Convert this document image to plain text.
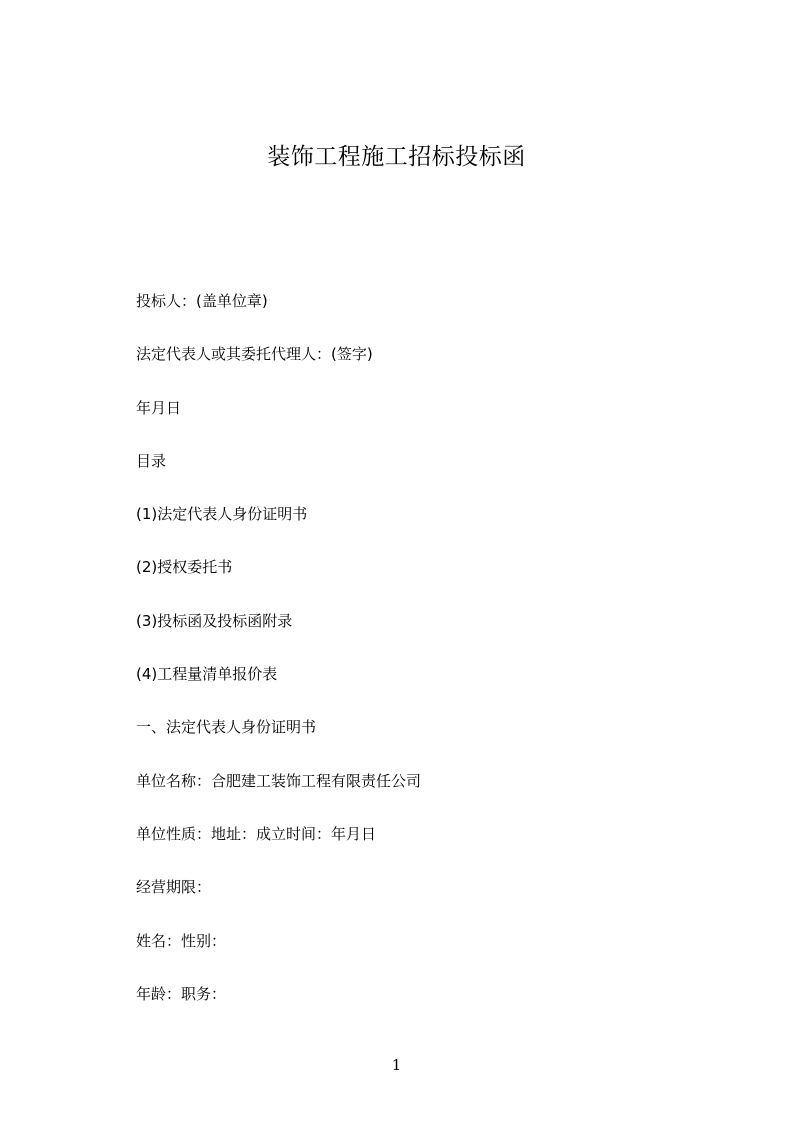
装饰工程施工招标投标函
投标人：(盖单位章)
法定代表人或其委托代理人：(签字)
年月日
目录
(1)法定代表人身份证明书
(2)授权委托书
(3)投标函及投标函附录
(4)工程量清单报价表
一、法定代表人身份证明书
单位名称：合肥建工装饰工程有限责任公司
单位性质：地址：成立时间：年月日
经营期限：
姓名：性别：
年龄：职务：
1
